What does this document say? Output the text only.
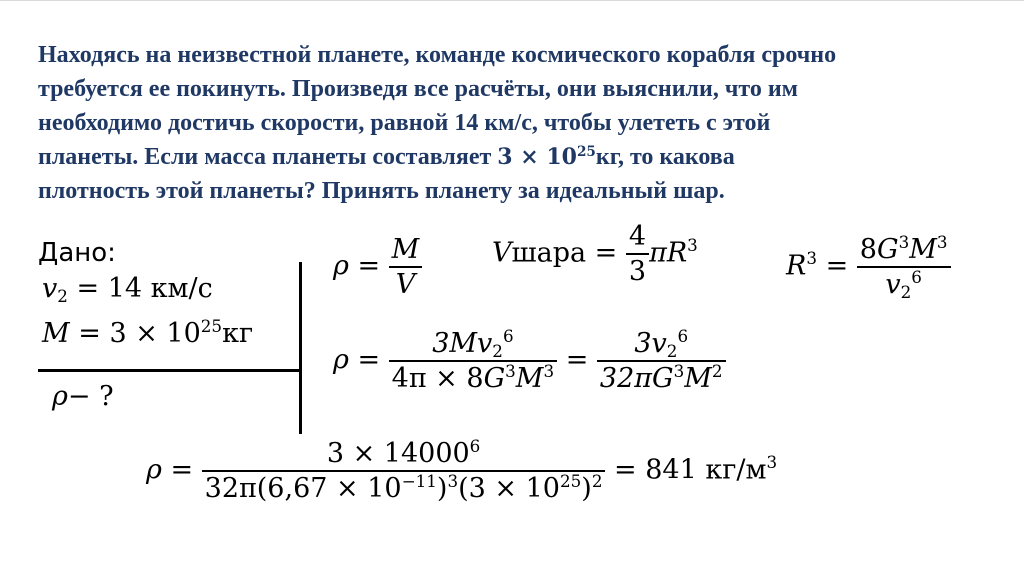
Находясь на неизвестной планете, команде космического корабля срочно
требуется ее покинуть. Произведя все расчёты, они выяснили, что им
необходимо достичь скорости, равной 14 км/с, чтобы улететь с этой
планеты. Если масса планеты составляет $3 \times 10^{25}кг$, то какова
плотность этой планеты? Принять планету за идеальный шар.
Дано:
$v_2 = 14$ км/с
$M = 3 \times 10^{25}кг$
ρ− ?
$\rho = \frac{M}{V}$	Vшара = $\frac{4}{3} \pi R^3$
$R^3 = \frac{8G^3M^3}{v_2^6}$
$\rho = \frac{3Mv_2^6}{4\pi \times 8G^3M^3} = \frac{3v_2^6}{32\pi G^3M^2}$
$\rho = \frac{3 \times 14000^6}{32\pi(6,67 \times 10^{-11})^3(3 \times 10^{25})^2} = 841$ $кг/м^3$
